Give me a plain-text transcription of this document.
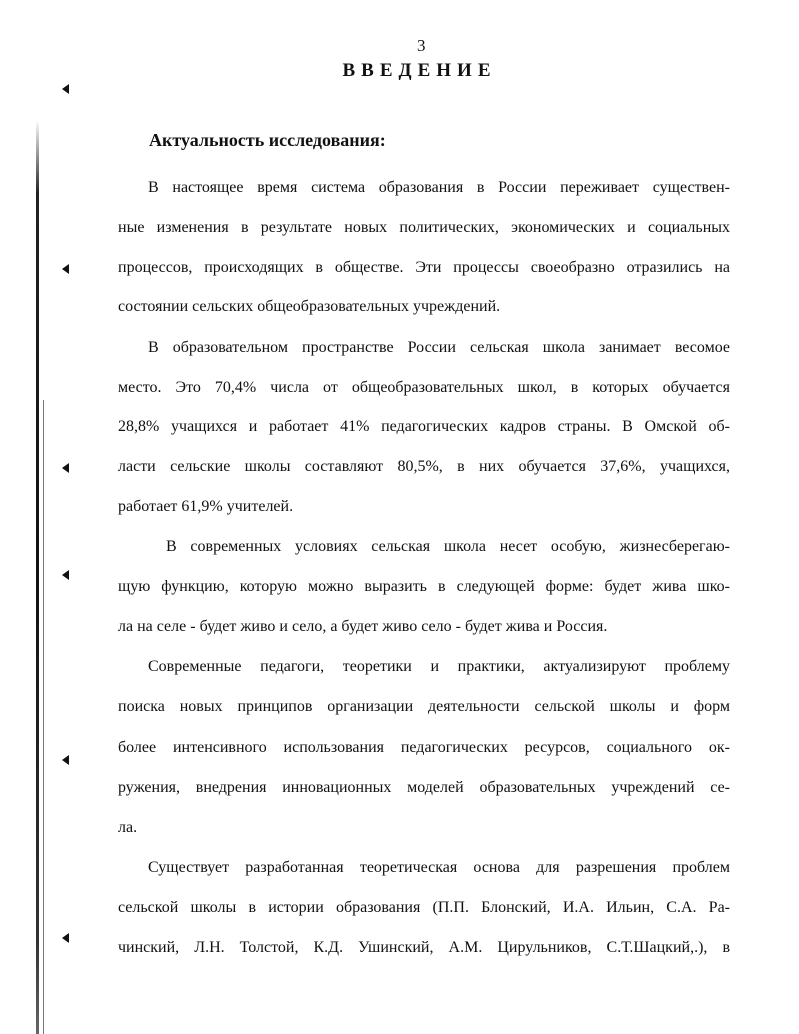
3
ВВЕДЕНИЕ
Актуальность исследования:
В настоящее время система образования в России переживает существен-
ные изменения в результате новых политических, экономических и социальных
процессов, происходящих в обществе. Эти процессы своеобразно отразились на
состоянии сельских общеобразовательных учреждений.
В образовательном пространстве России сельская школа занимает весомое
место. Это 70,4% числа от общеобразовательных школ, в которых обучается
28,8% учащихся и работает 41% педагогических кадров страны. В Омской об-
ласти сельские школы составляют 80,5%, в них обучается 37,6%, учащихся,
работает 61,9% учителей.
В современных условиях сельская школа несет особую, жизнесберегаю-
щую функцию, которую можно выразить в следующей форме: будет жива шко-
ла на селе - будет живо и село, а будет живо село - будет жива и Россия.
Современные педагоги, теоретики и практики, актуализируют проблему
поиска новых принципов организации деятельности сельской школы и форм
более интенсивного использования педагогических ресурсов, социального ок-
ружения, внедрения инновационных моделей образовательных учреждений се-
ла.
Существует разработанная теоретическая основа для разрешения проблем
сельской школы в истории образования (П.П. Блонский, И.А. Ильин, С.А. Ра-
чинский, Л.Н. Толстой, К.Д. Ушинский, А.М. Цирульников, С.Т.Шацкий,.), в
